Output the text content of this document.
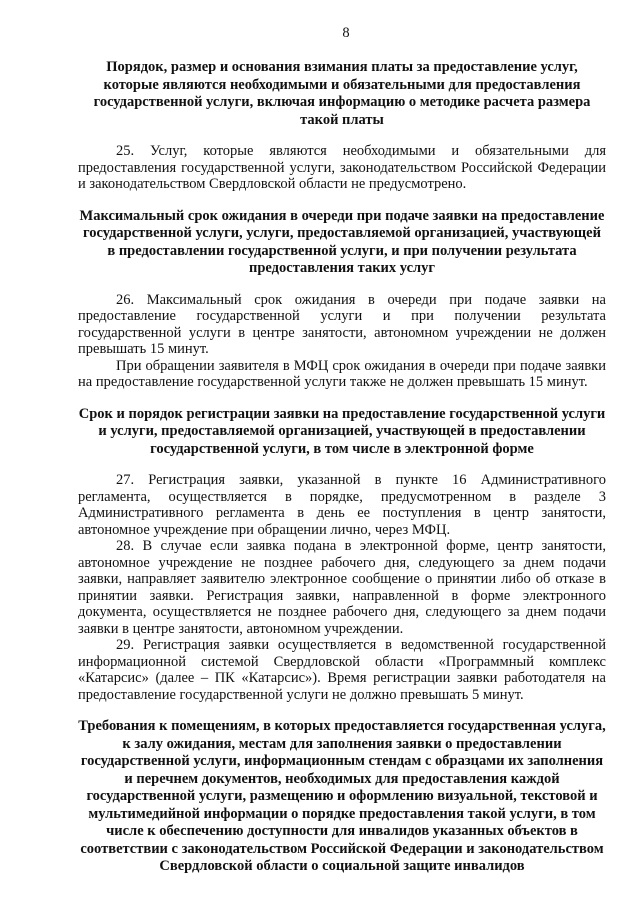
8
Порядок, размер и основания взимания платы за предоставление услуг, которые являются необходимыми и обязательными для предоставления государственной услуги, включая информацию о методике расчета размера такой платы

25. Услуг, которые являются необходимыми и обязательными для предоставления государственной услуги, законодательством Российской Федерации и законодательством Свердловской области не предусмотрено.

Максимальный срок ожидания в очереди при подаче заявки на предоставление государственной услуги, услуги, предоставляемой организацией, участвующей в предоставлении государственной услуги, и при получении результата предоставления таких услуг

26. Максимальный срок ожидания в очереди при подаче заявки на предоставление государственной услуги и при получении результата государственной услуги в центре занятости, автономном учреждении не должен превышать 15 минут.

При обращении заявителя в МФЦ срок ожидания в очереди при подаче заявки на предоставление государственной услуги также не должен превышать 15 минут.

Срок и порядок регистрации заявки на предоставление государственной услуги и услуги, предоставляемой организацией, участвующей в предоставлении государственной услуги, в том числе в электронной форме

27. Регистрация заявки, указанной в пункте 16 Административного регламента, осуществляется в порядке, предусмотренном в разделе 3 Административного регламента в день ее поступления в центр занятости, автономное учреждение при обращении лично, через МФЦ.

28. В случае если заявка подана в электронной форме, центр занятости, автономное учреждение не позднее рабочего дня, следующего за днем подачи заявки, направляет заявителю электронное сообщение о принятии либо об отказе в принятии заявки. Регистрация заявки, направленной в форме электронного документа, осуществляется не позднее рабочего дня, следующего за днем подачи заявки в центре занятости, автономном учреждении.

29. Регистрация заявки осуществляется в ведомственной государственной информационной системой Свердловской области «Программный комплекс «Катарсис» (далее – ПК «Катарсис»). Время регистрации заявки работодателя на предоставление государственной услуги не должно превышать 5 минут.

Требования к помещениям, в которых предоставляется государственная услуга, к залу ожидания, местам для заполнения заявки о предоставлении государственной услуги, информационным стендам с образцами их заполнения и перечнем документов, необходимых для предоставления каждой государственной услуги, размещению и оформлению визуальной, текстовой и мультимедийной информации о порядке предоставления такой услуги, в том числе к обеспечению доступности для инвалидов указанных объектов в соответствии с законодательством Российской Федерации и законодательством Свердловской области о социальной защите инвалидов
